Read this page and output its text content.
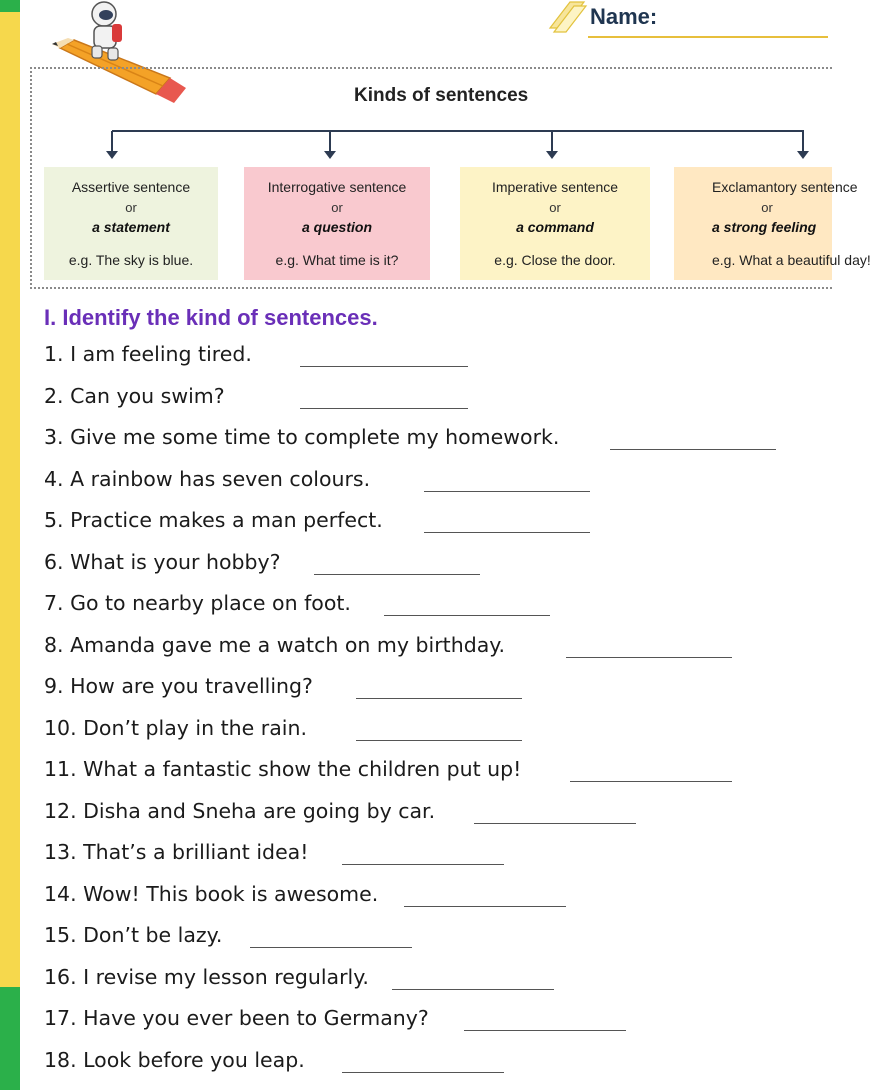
Name:
Kinds of sentences
Assertive sentence
or
a statement
e.g. The sky is blue.
Interrogative sentence
or
a question
e.g. What time is it?
Imperative sentence
or
a command
e.g. Close the door.
Exclamantory sentence
or
a strong feeling
e.g. What a beautiful day!
I. Identify the kind of sentences.
1. I am feeling tired.
2. Can you swim?
3. Give me some time to complete my homework.
4. A rainbow has seven colours.
5. Practice makes a man perfect.
6. What is your hobby?
7. Go to nearby place on foot.
8. Amanda gave me a watch on my birthday.
9. How are you travelling?
10. Don’t play in the rain.
11. What a fantastic show the children put up!
12. Disha and Sneha are going by car.
13. That’s a brilliant idea!
14. Wow! This book is awesome.
15. Don’t be lazy.
16. I revise my lesson regularly.
17. Have you ever been to Germany?
18. Look before you leap.
